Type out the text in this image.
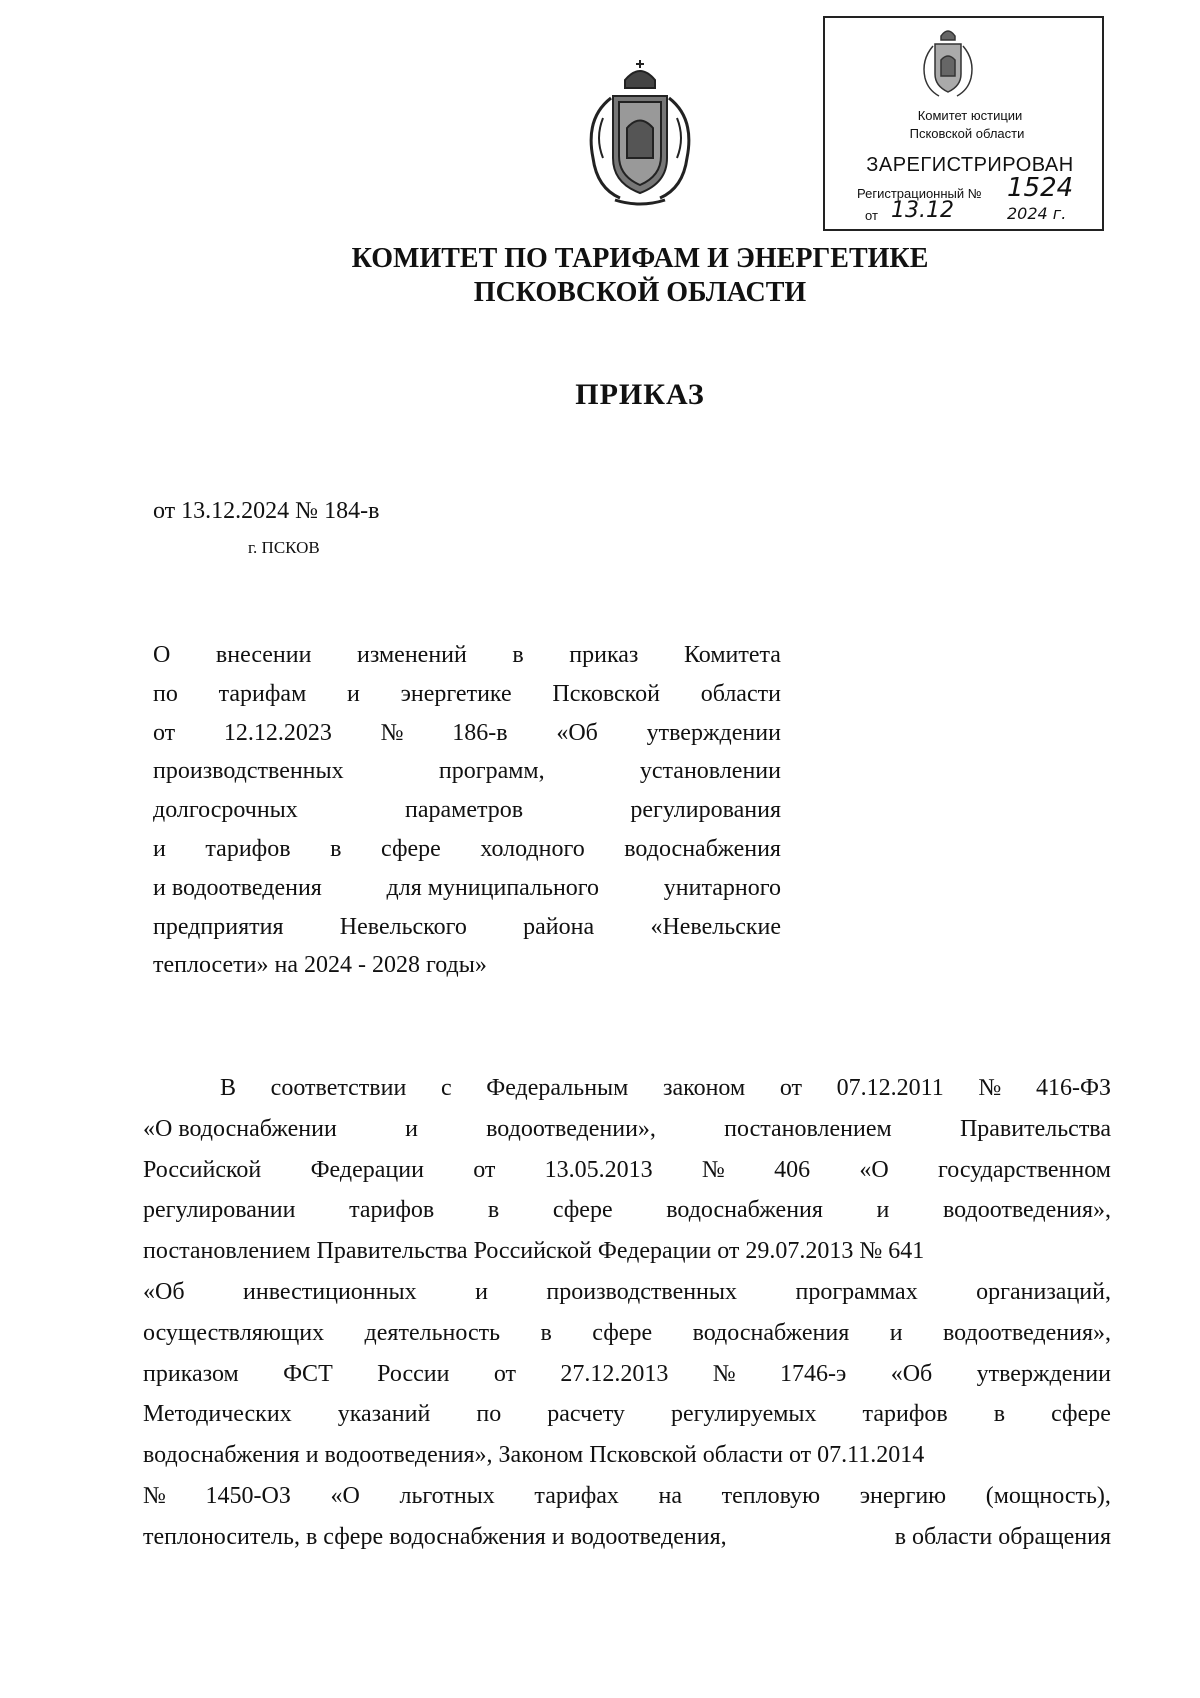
Комитет юстиции
Псковской области
ЗАРЕГИСТРИРОВАН
Регистрационный № 1524
от 13.12	2024 г.
КОМИТЕТ ПО ТАРИФАМ И ЭНЕРГЕТИКЕ
ПСКОВСКОЙ ОБЛАСТИ
ПРИКАЗ
от 13.12.2024 № 184-в
г. ПСКОВ
О внесении изменений в приказ Комитета
по тарифам и энергетике Псковской области
от 12.12.2023 № 186-в «Об утверждении
производственных	программ,	установлении
долгосрочных	параметров	регулирования
и тарифов в сфере холодного водоснабжения
и водоотведения	для муниципального	унитарного
предприятия Невельского района «Невельские
теплосети» на 2024 - 2028 годы»
В соответствии с Федеральным законом от 07.12.2011 № 416-ФЗ
«О водоснабжении	и	водоотведении»,	постановлением	Правительства
Российской Федерации от 13.05.2013 № 406 «О государственном
регулировании тарифов в сфере водоснабжения и водоотведения»,
постановлением Правительства Российской Федерации от 29.07.2013 № 641
«Об инвестиционных и производственных программах организаций,
осуществляющих деятельность в сфере водоснабжения и водоотведения»,
приказом ФСТ России от 27.12.2013 № 1746-э «Об утверждении
Методических указаний по расчету регулируемых тарифов в сфере
водоснабжения и водоотведения», Законом Псковской области от 07.11.2014
№ 1450-ОЗ «О льготных тарифах на тепловую энергию (мощность),
теплоноситель, в сфере водоснабжения и водоотведения,	в области обращения
